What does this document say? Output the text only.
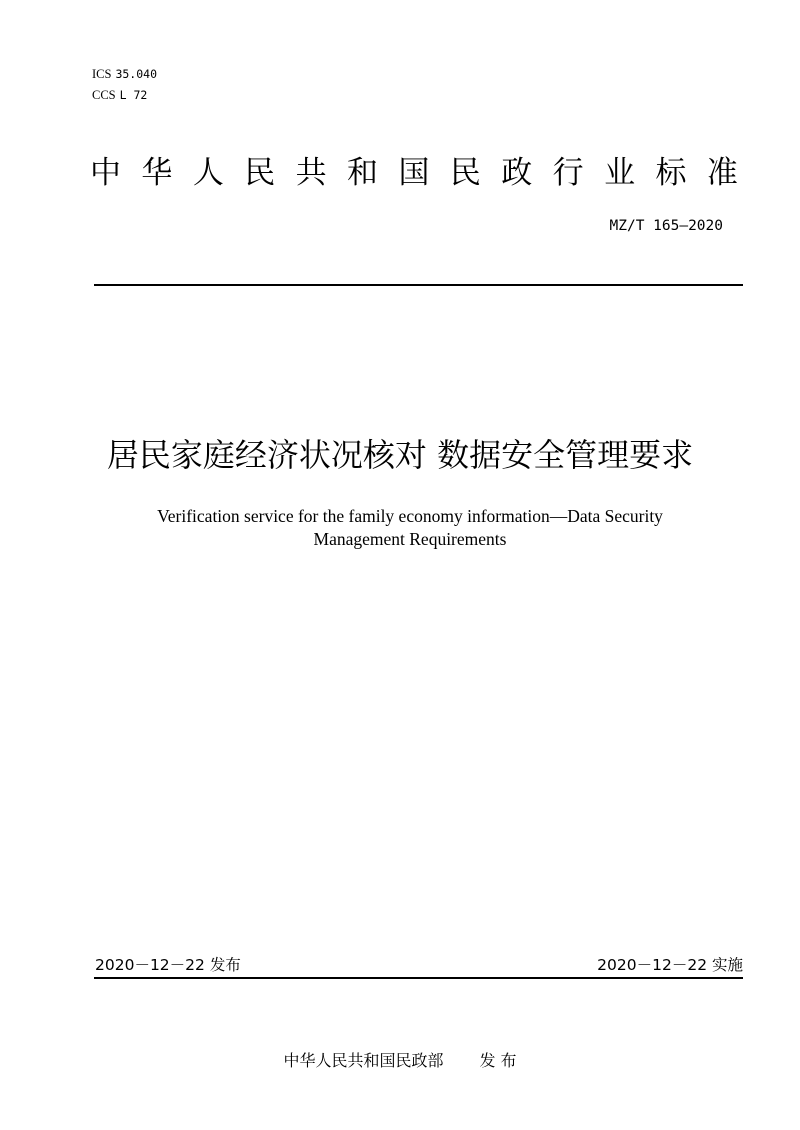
ICS 35.040
CCS L 72
中 华 人 民 共 和 国 民 政 行 业 标 准
MZ/T 165—2020
居民家庭经济状况核对 数据安全管理要求
Verification service for the family economy information—Data Security
Management Requirements
2020－12－22 发布	2020－12－22 实施
中华人民共和国民政部 发 布
